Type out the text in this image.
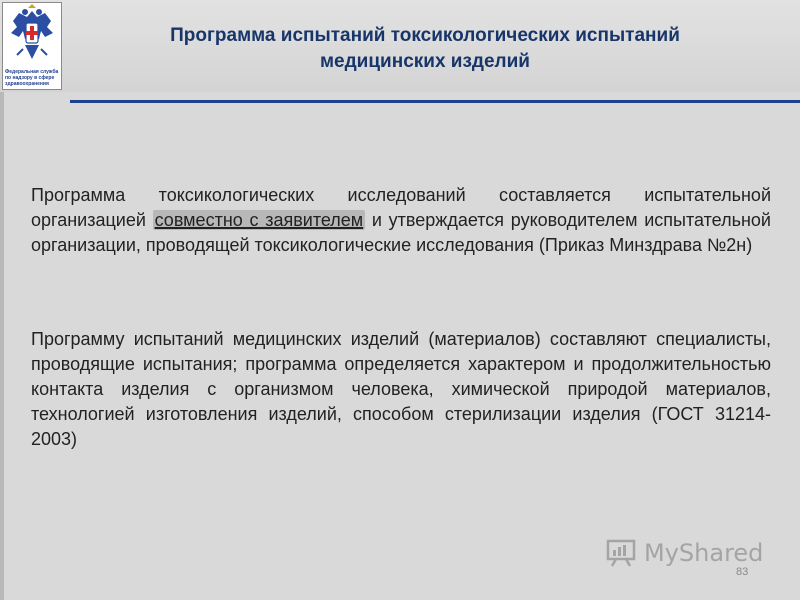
Федеральная служба по надзору в сфере здравоохранения
Программа испытаний токсикологических испытаний
медицинских изделий
Программа токсикологических исследований составляется испытательной организацией совместно с заявителем и утверждается руководителем испытательной организации, проводящей токсикологические исследования (Приказ Минздрава №2н)
Программу испытаний медицинских изделий (материалов) составляют специалисты, проводящие испытания; программа определяется характером и продолжительностью контакта изделия с организмом человека, химической природой материалов, технологией изготовления изделий, способом стерилизации изделия (ГОСТ 31214-2003)
MyShared
83
